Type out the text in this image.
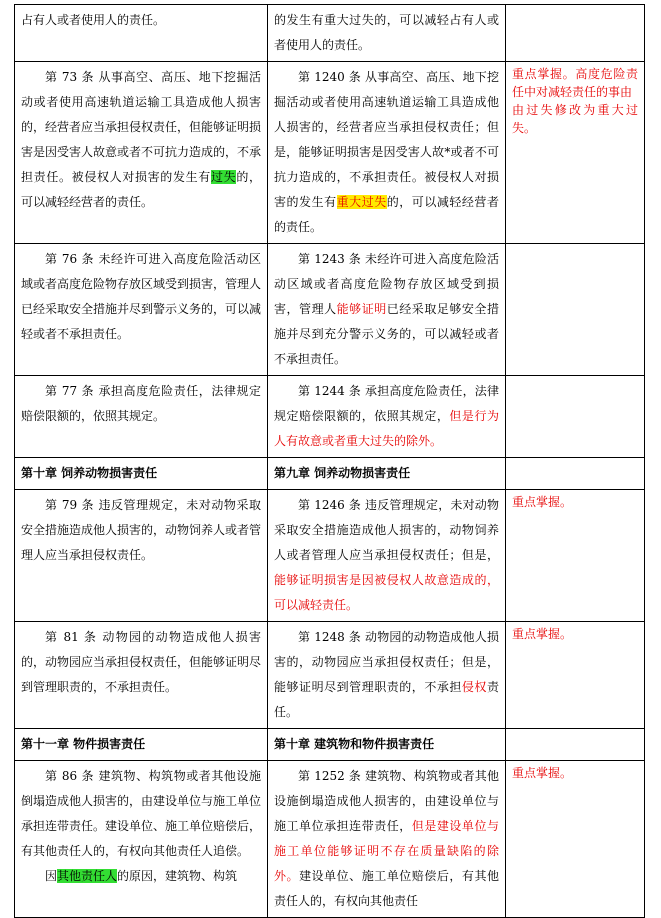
占有人或者使用人的责任。	的发生有重大过失的，可以减轻占有人或者使用人的责任。	

第 73 条 从事高空、高压、地下挖掘活动或者使用高速轨道运输工具造成他人损害的，经营者应当承担侵权责任，但能够证明损害是因受害人故意或者不可抗力造成的，不承担责任。被侵权人对损害的发生有过失的，可以减轻经营者的责任。	第 1240 条 从事高空、高压、地下挖掘活动或者使用高速轨道运输工具造成他人损害的，经营者应当承担侵权责任；但是，能够证明损害是因受害人故*或者不可抗力造成的，不承担责任。被侵权人对损害的发生有重大过失的，可以减轻经营者的责任。	重点掌握。高度危险责任中对减轻责任的事由
由过失修改为重大过失。

第 76 条 未经许可进入高度危险活动区域或者高度危险物存放区域受到损害，管理人已经采取安全措施并尽到警示义务的，可以减轻或者不承担责任。	第 1243 条 未经许可进入高度危险活动区域或者高度危险物存放区域受到损害，管理人能够证明已经采取足够安全措施并尽到充分警示义务的，可以减轻或者不承担责任。	

第 77 条 承担高度危险责任，法律规定赔偿限额的，依照其规定。	第 1244 条 承担高度危险责任，法律规定赔偿限额的，依照其规定，但是行为人有故意或者重大过失的除外。	

第十章 饲养动物损害责任	第九章 饲养动物损害责任	

第 79 条 违反管理规定，未对动物采取安全措施造成他人损害的，动物饲养人或者管理人应当承担侵权责任。	第 1246 条 违反管理规定，未对动物采取安全措施造成他人损害的，动物饲养人或者管理人应当承担侵权责任；但是，能够证明损害是因被侵权人故意造成的，可以减轻责任。	重点掌握。

第 81 条 动物园的动物造成他人损害的，动物园应当承担侵权责任，但能够证明尽到管理职责的，不承担责任。	第 1248 条 动物园的动物造成他人损害的，动物园应当承担侵权责任；但是，能够证明尽到管理职责的，不承担侵权责任。	重点掌握。

第十一章 物件损害责任	第十章 建筑物和物件损害责任	

第 86 条 建筑物、构筑物或者其他设施倒塌造成他人损害的，由建设单位与施工单位承担连带责任。建设单位、施工单位赔偿后，有其他责任人的，有权向其他责任人追偿。
因其他责任人的原因，建筑物、构筑	第 1252 条 建筑物、构筑物或者其他设施倒塌造成他人损害的，由建设单位与施工单位承担连带责任，但是建设单位与施工单位能够证明不存在质量缺陷的除外。建设单位、施工单位赔偿后，有其他责任人的，有权向其他责任	重点掌握。
